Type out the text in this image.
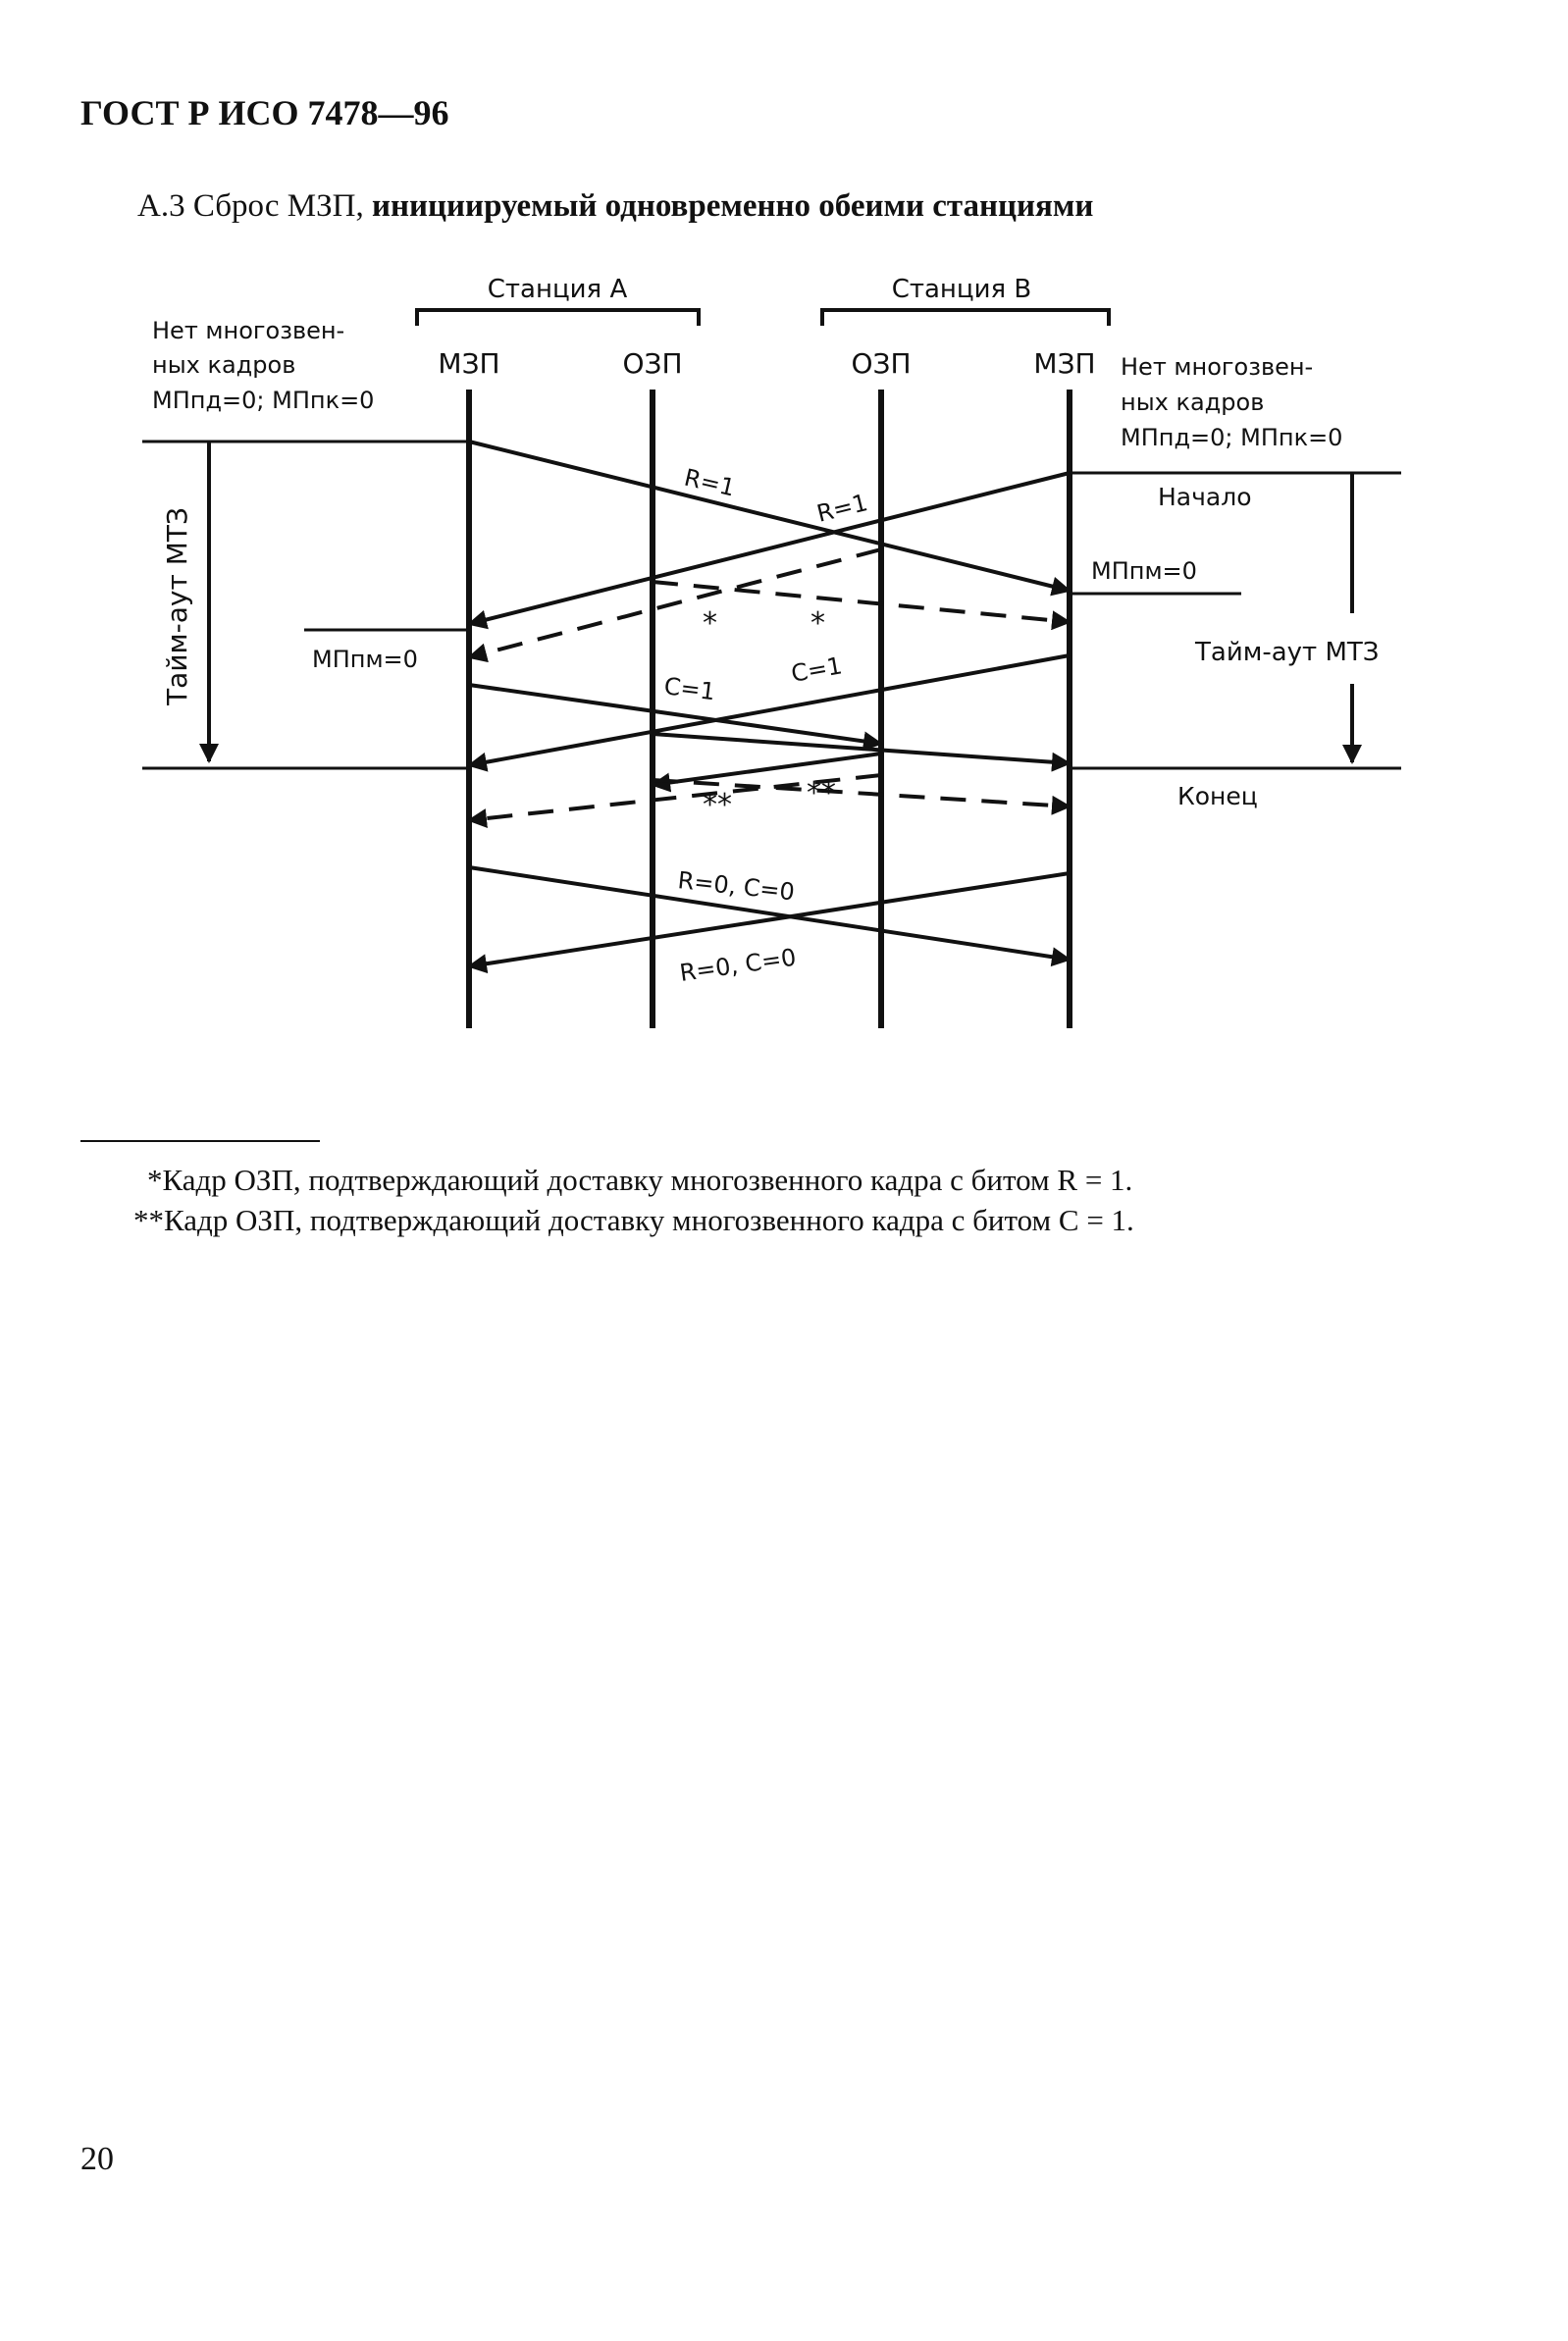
ГОСТ Р ИСО 7478—96
А.3 Сброс МЗП, инициируемый одновременно обеими станциями
Станция А	Станция В
МЗП	ОЗП	ОЗП	МЗП
Нет многозвен-
ных кадров
МПпд=0; МПпк=0
Нет многозвен-
ных кадров
МПпд=0; МПпк=0
Тайм-аут МТЗ	МПпм=0	Тайм-аут МТЗ
Начало
Конец
МПпм=0
R=1
R=1
*	*
C=1
C=1
**	**
R=0, C=0
R=0, C=0
*Кадр ОЗП, подтверждающий доставку многозвенного кадра с битом R = 1.
**Кадр ОЗП, подтверждающий доставку многозвенного кадра с битом C = 1.
20
